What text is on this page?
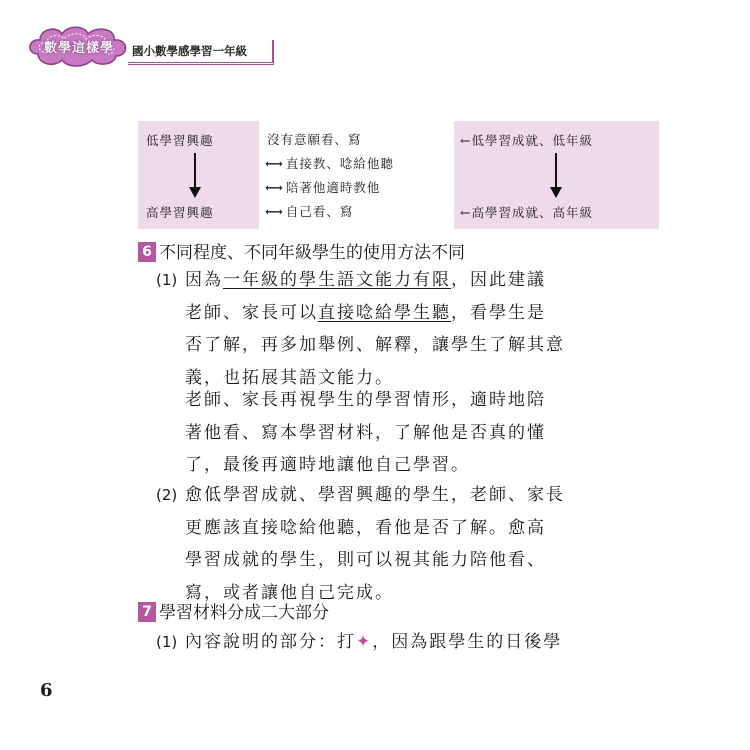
數學這樣學	國小數學感學習一年級
低學習興趣
高學習興趣
沒有意願看、寫
⟷ 直接教、唸給他聽
⟷ 陪著他適時教他
⟷ 自己看、寫
←低學習成就、低年級
←高學習成就、高年級
6 不同程度、不同年級學生的使用方法不同
(1) 因為一年級的學生語文能力有限，因此建議
老師、家長可以直接唸給學生聽，看學生是
否了解，再多加舉例、解釋，讓學生了解其意
義，也拓展其語文能力。
老師、家長再視學生的學習情形，適時地陪
著他看、寫本學習材料，了解他是否真的懂
了，最後再適時地讓他自己學習。
(2) 愈低學習成就、學習興趣的學生，老師、家長
更應該直接唸給他聽，看他是否了解。愈高
學習成就的學生，則可以視其能力陪他看、
寫，或者讓他自己完成。
7 學習材料分成二大部分
(1) 內容說明的部分：打✦，因為跟學生的日後學
6
